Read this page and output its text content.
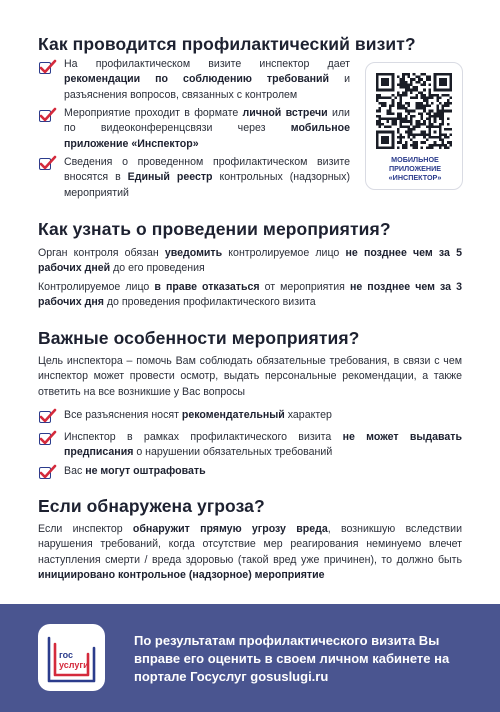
Как проводится профилактический визит?
На профилактическом визите инспектор дает рекомендации по соблюдению требований и разъяснения вопросов, связанных с контролем
Мероприятие проходит в формате личной встречи или по видеоконференцсвязи через мобильное приложение «Инспектор»
Сведения о проведенном профилактическом визите вносятся в Единый реестр контрольных (надзорных) мероприятий
МОБИЛЬНОЕ ПРИЛОЖЕНИЕ «ИНСПЕКТОР»
Как узнать о проведении мероприятия?
Орган контроля обязан уведомить контролируемое лицо не позднее чем за 5 рабочих дней до его проведения
Контролируемое лицо в праве отказаться от мероприятия не позднее чем за 3 рабочих дня до проведения профилактического визита
Важные особенности мероприятия?
Цель инспектора – помочь Вам соблюдать обязательные требования, в связи с чем инспектор может провести осмотр, выдать персональные рекомендации, а также ответить на все возникшие у Вас вопросы
Все разъяснения носят рекомендательный характер
Инспектор в рамках профилактического визита не может выдавать предписания о нарушении обязательных требований
Вас не могут оштрафовать
Если обнаружена угроза?
Если инспектор обнаружит прямую угрозу вреда, возникшую вследствии нарушения требований, когда отсутствие мер реагирования неминуемо влечет наступления смерти / вреда здоровью (такой вред уже причинен), то должно быть инициировано контрольное (надзорное) мероприятие
гос
услуги
По результатам профилактического визита Вы вправе его оценить в своем личном кабинете на портале Госуслуг gosuslugi.ru
